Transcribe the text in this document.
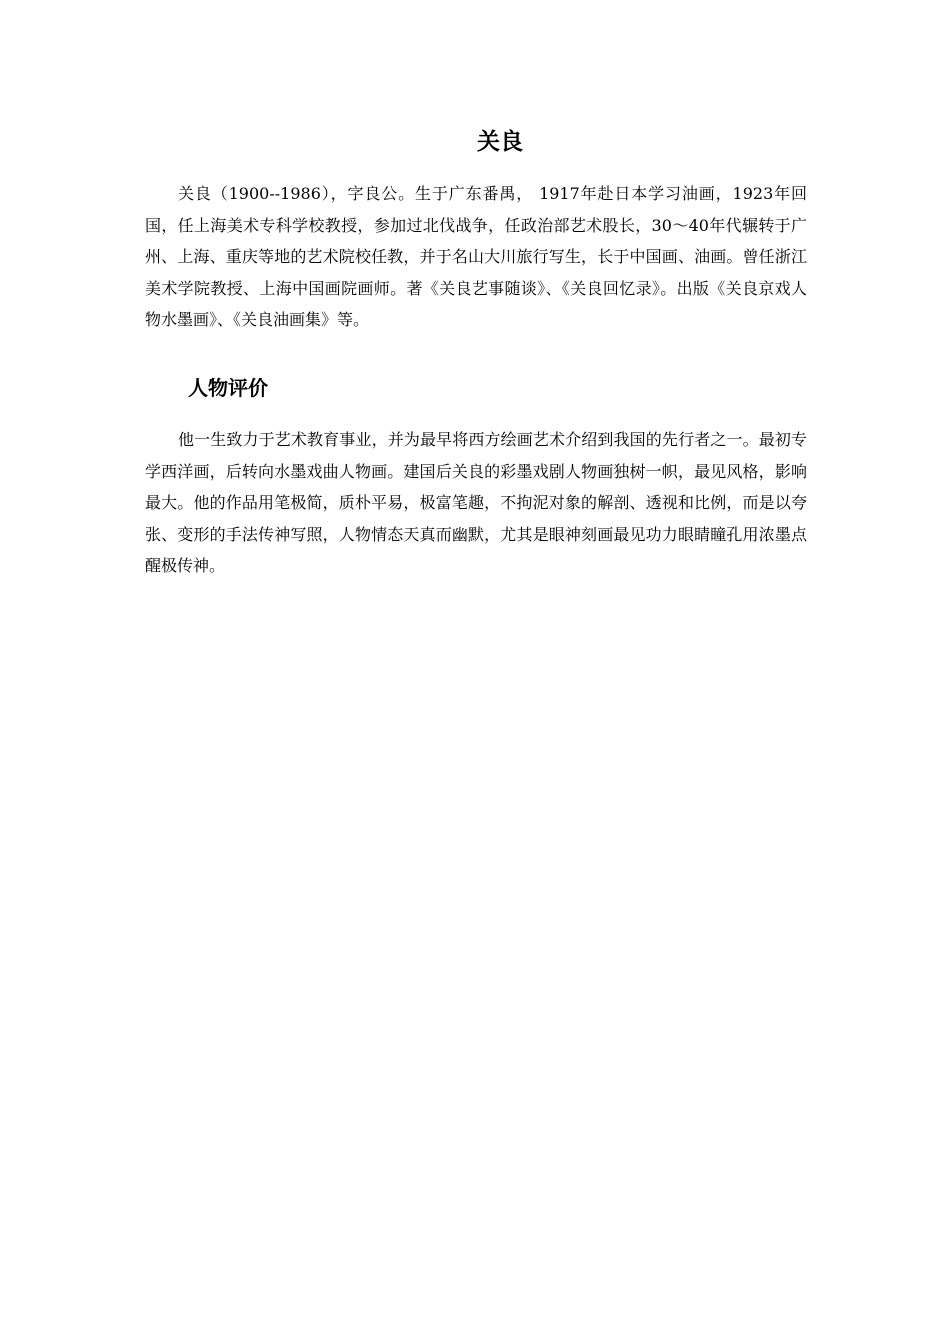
关良

关良（1900--1986），字良公。生于广东番禺， 1917年赴日本学习油画，1923年回国，任上海美术专科学校教授，参加过北伐战争，任政治部艺术股长，30～40年代辗转于广州、上海、重庆等地的艺术院校任教，并于名山大川旅行写生，长于中国画、油画。曾任浙江美术学院教授、上海中国画院画师。著《关良艺事随谈》、《关良回忆录》。出版《关良京戏人物水墨画》、《关良油画集》等。

人物评价

他一生致力于艺术教育事业，并为最早将西方绘画艺术介绍到我国的先行者之一。最初专学西洋画，后转向水墨戏曲人物画。建国后关良的彩墨戏剧人物画独树一帜，最见风格，影响最大。他的作品用笔极简，质朴平易，极富笔趣，不拘泥对象的解剖、透视和比例，而是以夸张、变形的手法传神写照，人物情态天真而幽默，尤其是眼神刻画最见功力眼睛瞳孔用浓墨点醒极传神。
